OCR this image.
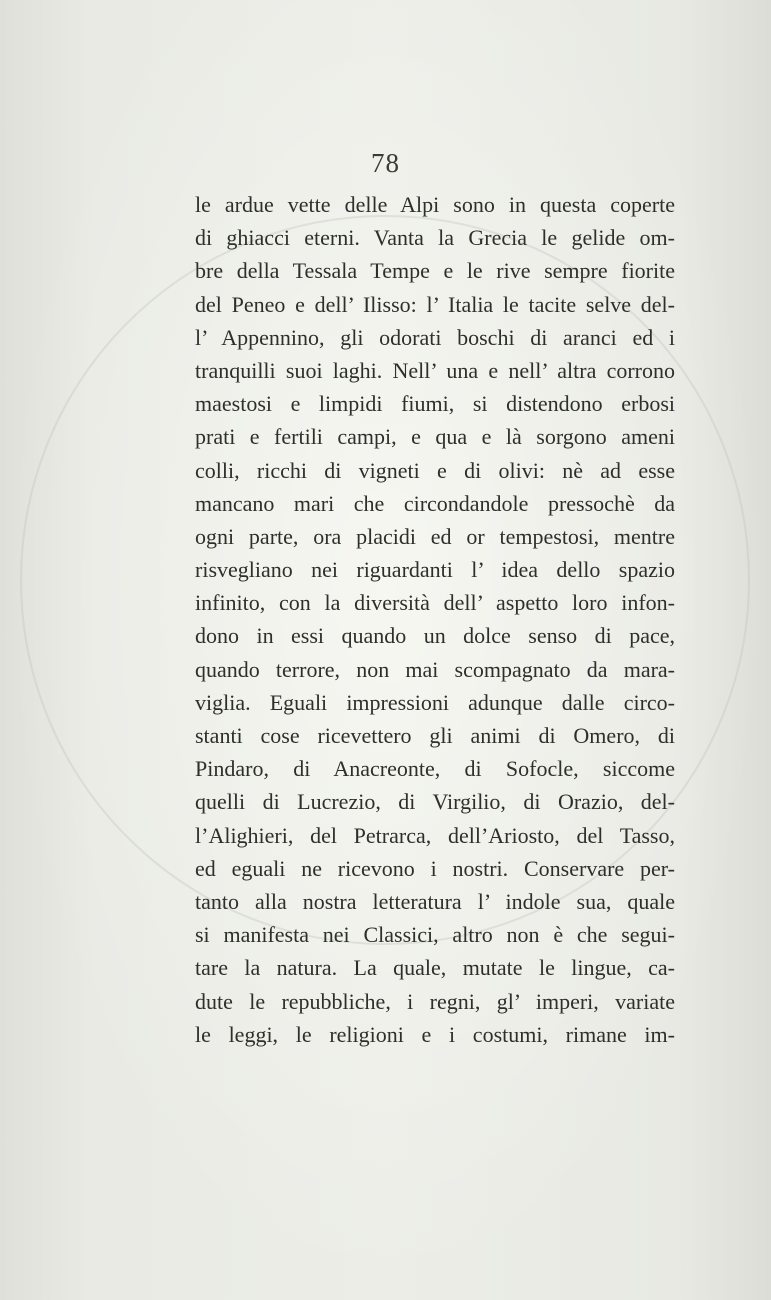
78
le ardue vette delle Alpi sono in questa coperte
di ghiacci eterni. Vanta la Grecia le gelide om-
bre della Tessala Tempe e le rive sempre fiorite
del Peneo e dell’ Ilisso: l’ Italia le tacite selve del-
l’ Appennino, gli odorati boschi di aranci ed i
tranquilli suoi laghi. Nell’ una e nell’ altra corrono
maestosi e limpidi fiumi, si distendono erbosi
prati e fertili campi, e qua e là sorgono ameni
colli, ricchi di vigneti e di olivi: nè ad esse
mancano mari che circondandole pressochè da
ogni parte, ora placidi ed or tempestosi, mentre
risvegliano nei riguardanti l’ idea dello spazio
infinito, con la diversità dell’ aspetto loro infon-
dono in essi quando un dolce senso di pace,
quando terrore, non mai scompagnato da mara-
viglia. Eguali impressioni adunque dalle circo-
stanti cose ricevettero gli animi di Omero, di
Pindaro, di Anacreonte, di Sofocle, siccome
quelli di Lucrezio, di Virgilio, di Orazio, del-
l’Alighieri, del Petrarca, dell’Ariosto, del Tasso,
ed eguali ne ricevono i nostri. Conservare per-
tanto alla nostra letteratura l’ indole sua, quale
si manifesta nei Classici, altro non è che segui-
tare la natura. La quale, mutate le lingue, ca-
dute le repubbliche, i regni, gl’ imperi, variate
le leggi, le religioni e i costumi, rimane im-
